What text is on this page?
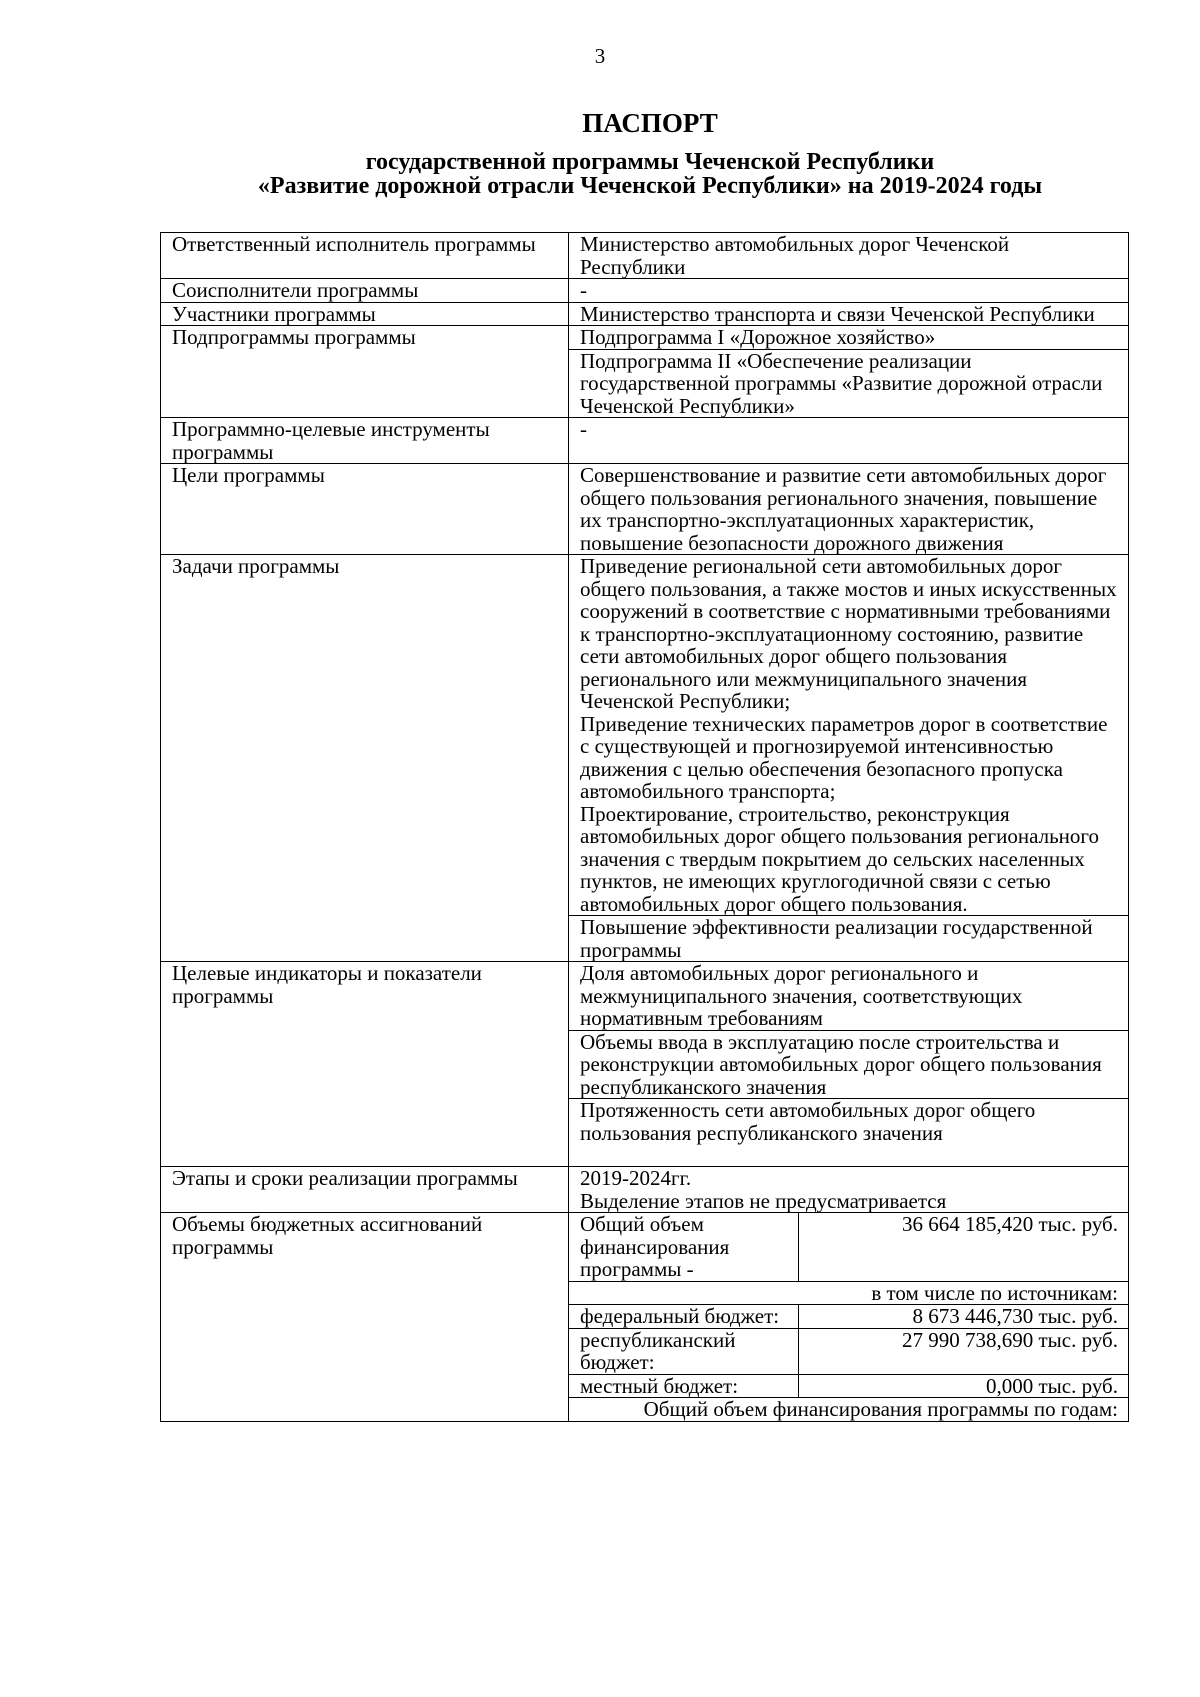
3
ПАСПОРТ
государственной программы Чеченской Республики
«Развитие дорожной отрасли Чеченской Республики» на 2019-2024 годы
Ответственный исполнитель программы	Министерство автомобильных дорог Чеченской Республики	
Соисполнители программы	-	
Участники программы	Министерство транспорта и связи Чеченской Республики	
Подпрограммы программы	Подпрограмма I «Дорожное хозяйство»	
	Подпрограмма II «Обеспечение реализации государственной программы «Развитие дорожной отрасли Чеченской Республики»	
Программно-целевые инструменты программы	-	
Цели программы	Совершенствование и развитие сети автомобильных дорог общего пользования регионального значения, повышение их транспортно-эксплуатационных характеристик, повышение безопасности дорожного движения	
Задачи программы	Приведение региональной сети автомобильных дорог общего пользования, а также мостов и иных искусственных сооружений в соответствие с нормативными требованиями к транспортно-эксплуатационному состоянию, развитие сети автомобильных дорог общего пользования регионального или межмуниципального значения Чеченской Республики;
Приведение технических параметров дорог в соответствие с существующей и прогнозируемой интенсивностью движения с целью обеспечения безопасного пропуска автомобильного транспорта;
Проектирование, строительство, реконструкция автомобильных дорог общего пользования регионального значения с твердым покрытием до сельских населенных пунктов, не имеющих круглогодичной связи с сетью автомобильных дорог общего пользования.	

	Повышение эффективности реализации государственной программы	
Целевые индикаторы и показатели программы	Доля автомобильных дорог регионального и межмуниципального значения, соответствующих нормативным требованиям	
	Объемы ввода в эксплуатацию после строительства и реконструкции автомобильных дорог общего пользования республиканского значения	
	Протяженность сети автомобильных дорог общего пользования республиканского значения	
Этапы и сроки реализации программы	2019-2024гг.
Выделение этапов не предусматривается	

Объемы бюджетных ассигнований программы	Общий объем финансирования программы -	36 664 185,420 тыс. руб.
	в том числе по источникам:	
	федеральный бюджет:	8 673 446,730 тыс. руб.
	республиканский бюджет:	27 990 738,690 тыс. руб.
	местный бюджет:	0,000 тыс. руб.
	Общий объем финансирования программы по годам:	
